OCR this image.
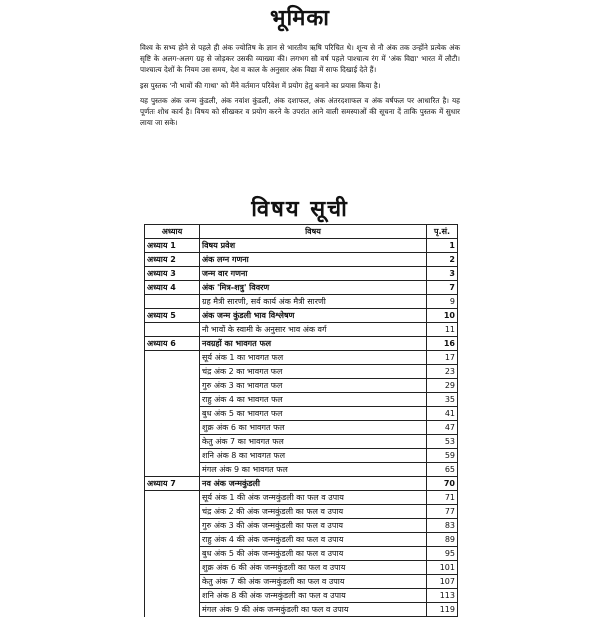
भूमिका

विश्व के सभ्य होने से पहले ही अंक ज्योतिष के ज्ञान से भारतीय ऋषि परिचित थे। शून्य से नौ अंक तक उन्होंने प्रत्येक अंक सृष्टि के अलग-अलग ग्रह से जोड़कर उसकी व्याख्या की। लगभग सौ वर्ष पहले पाश्चात्य रंग में 'अंक विद्या' भारत में लौटी। पाश्चात्य देशों के नियम उस समय, देश व काल के अनुसार अंक विद्या में साफ दिखाई देते हैं।

इस पुस्तक 'नौ भावों की गाथा' को मैंने वर्तमान परिवेश में प्रयोग हेतु बनाने का प्रयास किया है।

यह पुस्तक अंक जन्म कुंडली, अंक नवांश कुंडली, अंक दशाफल, अंक अंतरदशाफल व अंक वर्षफल पर आधारित है। यह पूर्णतः शोध कार्य है। विषय को सीखकर व प्रयोग करने के उपरांत आने वाली समस्याओं की सूचना दें ताकि पुस्तक में सुधार लाया जा सके।

विषय सूची
अध्याय	विषय	पृ.सं.
अध्याय 1	विषय प्रवेश	1
अध्याय 2	अंक लग्न गणना	2
अध्याय 3	जन्म वार गणना	3
अध्याय 4	अंक 'मित्र-शत्रु' विवरण	7
	ग्रह मैत्री सारणी, सर्व कार्य अंक मैत्री सारणी	9
अध्याय 5	अंक जन्म कुंडली भाव विश्लेषण	10
	नौ भावों के स्वामी के अनुसार भाव अंक वर्ग	11
अध्याय 6	नवग्रहों का भावगत फल	16
	सूर्य अंक 1 का भावगत फल	17
	चंद्र अंक 2 का भावगत फल	23
	गुरु अंक 3 का भावगत फल	29
	राहु अंक 4 का भावगत फल	35
	बुध अंक 5 का भावगत फल	41
	शुक्र अंक 6 का भावगत फल	47
	केतु अंक 7 का भावगत फल	53
	शनि अंक 8 का भावगत फल	59
	मंगल अंक 9 का भावगत फल	65
अध्याय 7	नव अंक जन्मकुंडली	70
	सूर्य अंक 1 की अंक जन्मकुंडली का फल व उपाय	71
	चंद्र अंक 2 की अंक जन्मकुंडली का फल व उपाय	77
	गुरु अंक 3 की अंक जन्मकुंडली का फल व उपाय	83
	राहु अंक 4 की अंक जन्मकुंडली का फल व उपाय	89
	बुध अंक 5 की अंक जन्मकुंडली का फल व उपाय	95
	शुक्र अंक 6 की अंक जन्मकुंडली का फल व उपाय	101
	केतु अंक 7 की अंक जन्मकुंडली का फल व उपाय	107
	शनि अंक 8 की अंक जन्मकुंडली का फल व उपाय	113
	मंगल अंक 9 की अंक जन्मकुंडली का फल व उपाय	119
